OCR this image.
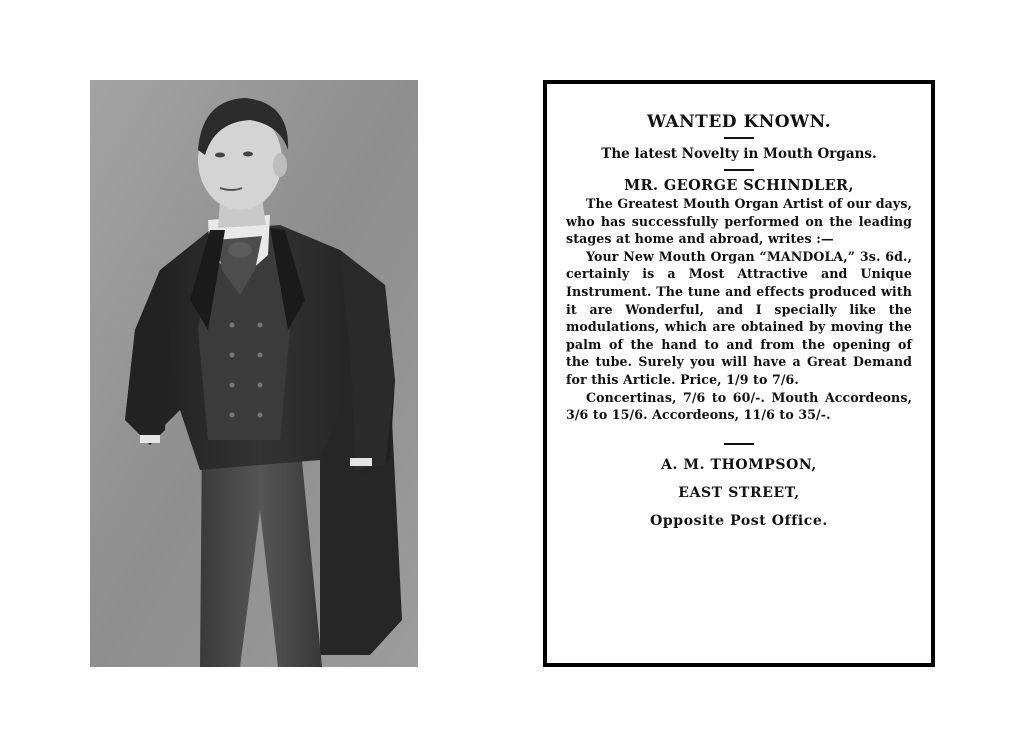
WANTED KNOWN.

The latest Novelty in Mouth Organs.

MR. GEORGE SCHINDLER,

The Greatest Mouth Organ Artist of our days, who has successfully performed on the leading stages at home and abroad, writes :—

Your New Mouth Organ “MANDOLA,” 3s. 6d., certainly is a Most Attractive and Unique Instrument. The tune and effects produced with it are Wonderful, and I specially like the modulations, which are obtained by moving the palm of the hand to and from the opening of the tube. Surely you will have a Great Demand for this Article. Price, 1/9 to 7/6.

Concertinas, 7/6 to 60/-. Mouth Accordeons, 3/6 to 15/6. Accordeons, 11/6 to 35/-.

A. M. THOMPSON,

EAST STREET,

Opposite Post Office.
